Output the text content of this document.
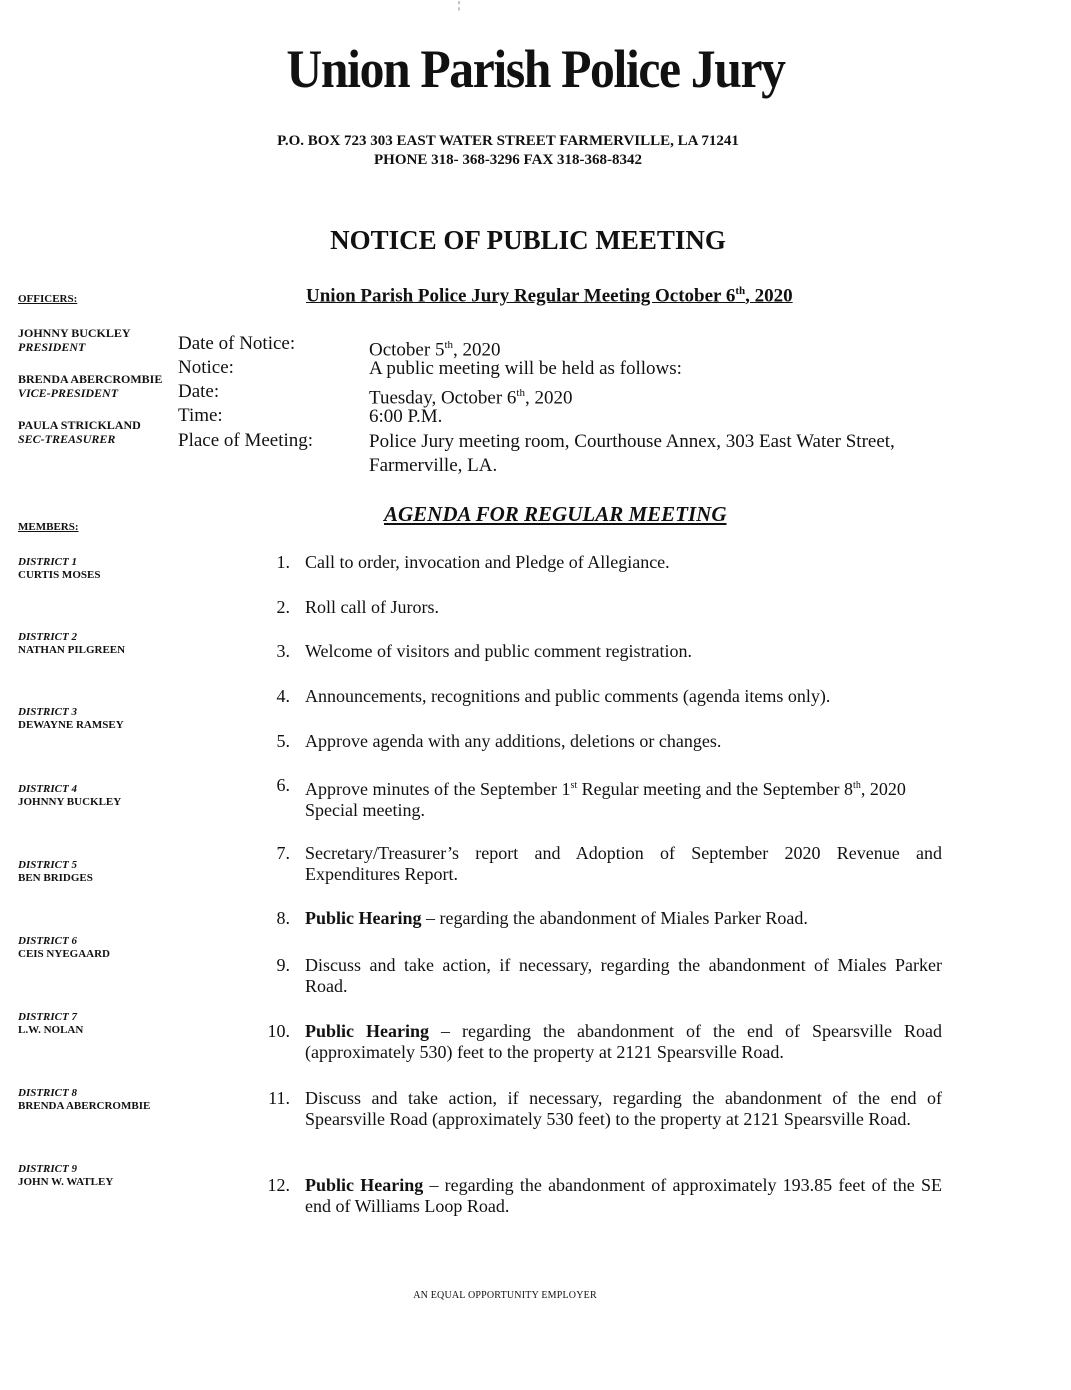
¦
Union Parish Police Jury
P.O. BOX 723 303 EAST WATER STREET FARMERVILLE, LA 71241
PHONE 318- 368-3296 FAX 318-368-8342
NOTICE OF PUBLIC MEETING
Union Parish Police Jury Regular Meeting October 6th, 2020
OFFICERS:
JOHNNY BUCKLEY
PRESIDENT
BRENDA ABERCROMBIE
VICE-PRESIDENT
PAULA STRICKLAND
SEC-TREASURER
Date of Notice:	October 5th, 2020
Notice:	A public meeting will be held as follows:
Date:	Tuesday, October 6th, 2020
Time:	6:00 P.M.
Place of Meeting:	Police Jury meeting room, Courthouse Annex, 303 East Water Street, Farmerville, LA.
AGENDA FOR REGULAR MEETING
MEMBERS:
DISTRICT 1
CURTIS MOSES
DISTRICT 2
NATHAN PILGREEN
DISTRICT 3
DEWAYNE RAMSEY
DISTRICT 4
JOHNNY BUCKLEY
DISTRICT 5
BEN BRIDGES
DISTRICT 6
CEIS NYEGAARD
DISTRICT 7
L.W. NOLAN
DISTRICT 8
BRENDA ABERCROMBIE
DISTRICT 9
JOHN W. WATLEY
1. Call to order, invocation and Pledge of Allegiance.
2. Roll call of Jurors.
3. Welcome of visitors and public comment registration.
4. Announcements, recognitions and public comments (agenda items only).
5. Approve agenda with any additions, deletions or changes.
6. Approve minutes of the September 1st Regular meeting and the September 8th, 2020 Special meeting.
7. Secretary/Treasurer’s report and Adoption of September 2020 Revenue and Expenditures Report.
8. Public Hearing – regarding the abandonment of Miales Parker Road.
9. Discuss and take action, if necessary, regarding the abandonment of Miales Parker Road.
10. Public Hearing – regarding the abandonment of the end of Spearsville Road (approximately 530) feet to the property at 2121 Spearsville Road.
11. Discuss and take action, if necessary, regarding the abandonment of the end of Spearsville Road (approximately 530 feet) to the property at 2121 Spearsville Road.
12. Public Hearing – regarding the abandonment of approximately 193.85 feet of the SE end of Williams Loop Road.
AN EQUAL OPPORTUNITY EMPLOYER
